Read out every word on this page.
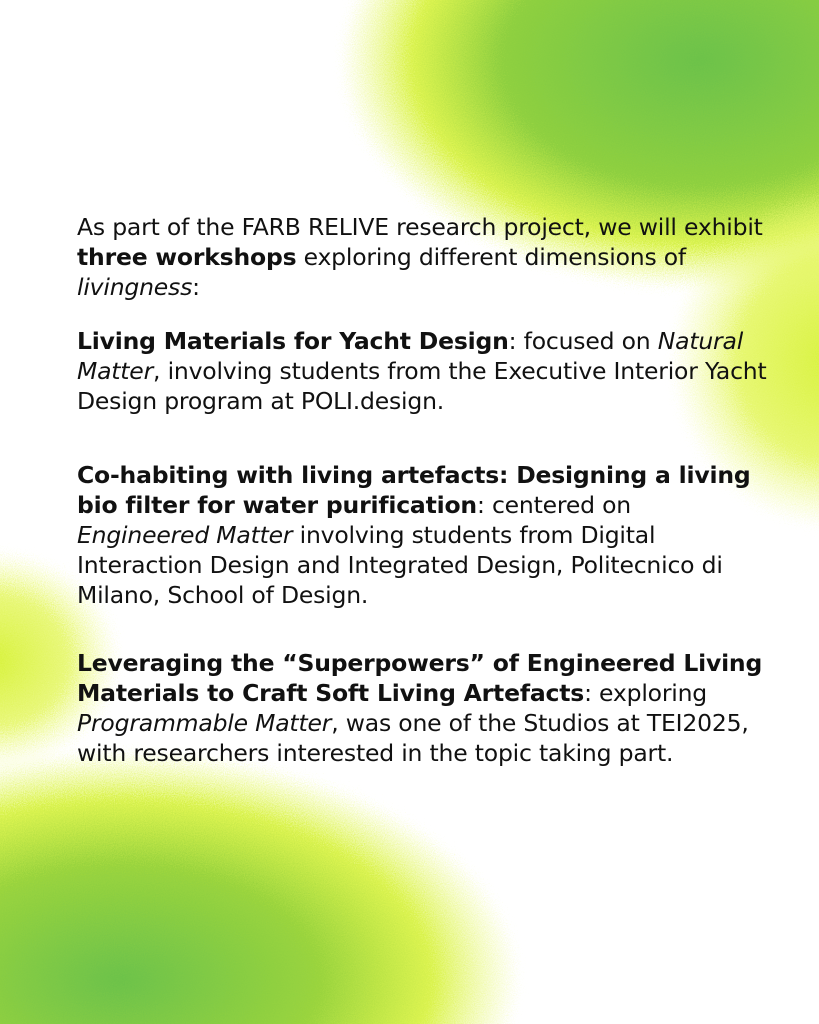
As part of the FARB RELIVE research project, we will exhibit three workshops exploring different dimensions of livingness:

Living Materials for Yacht Design: focused on Natural Matter, involving students from the Executive Interior Yacht Design program at POLI.design.

Co-habiting with living artefacts: Designing a living bio filter for water purification: centered on Engineered Matter involving students from Digital Interaction Design and Integrated Design, Politecnico di Milano, School of Design.

Leveraging the “Superpowers” of Engineered Living Materials to Craft Soft Living Artefacts: exploring Programmable Matter, was one of the Studios at TEI2025, with researchers interested in the topic taking part.
